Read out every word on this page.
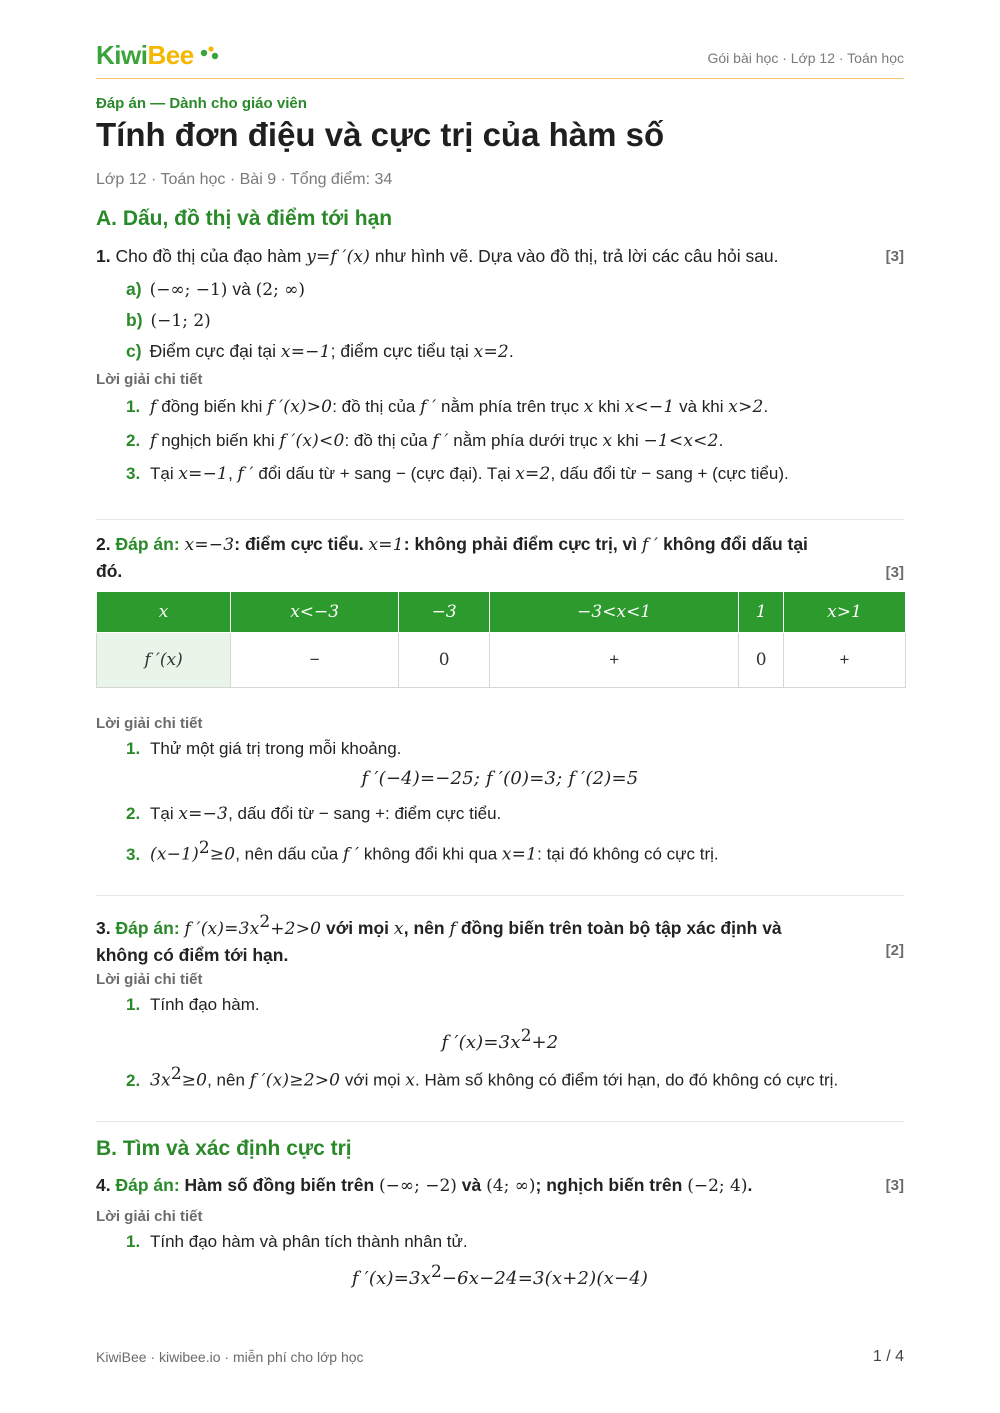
KiwiBee	Gói bài học · Lớp 12 · Toán học
Đáp án — Dành cho giáo viên
Tính đơn điệu và cực trị của hàm số
Lớp 12 · Toán học · Bài 9 · Tổng điểm: 34
A. Dấu, đồ thị và điểm tới hạn
1. Cho đồ thị của đạo hàm y=f ′(x) như hình vẽ. Dựa vào đồ thị, trả lời các câu hỏi sau.	[3]
a) (−∞; −1) và (2; ∞)
b) (−1; 2)
c) Điểm cực đại tại x=−1; điểm cực tiểu tại x=2.
Lời giải chi tiết
1. f đồng biến khi f ′(x)>0: đồ thị của f ′ nằm phía trên trục x khi x<−1 và khi x>2.
2. f nghịch biến khi f ′(x)<0: đồ thị của f ′ nằm phía dưới trục x khi −1<x<2.
3. Tại x=−1, f ′ đổi dấu từ + sang − (cực đại). Tại x=2, dấu đổi từ − sang + (cực tiểu).
2. Đáp án: x=−3: điểm cực tiểu. x=1: không phải điểm cực trị, vì f ′ không đổi dấu tại
đó.	[3]
x	x<−3	−3	−3<x<1	1	x>1
f ′(x)	−	0	+	0	+
Lời giải chi tiết
1. Thử một giá trị trong mỗi khoảng.
f ′(−4)=−25; f ′(0)=3; f ′(2)=5
2. Tại x=−3, dấu đổi từ − sang +: điểm cực tiểu.
3. $(x-1)^2\ge 0$, nên dấu của f ′ không đổi khi qua x=1: tại đó không có cực trị.
3. Đáp án: f $'(x)=3x^2+2>0$ với mọi x, nên f đồng biến trên toàn bộ tập xác định và
không có điểm tới hạn.	[2]
Lời giải chi tiết
1. Tính đạo hàm.
f $'(x)=3x^2+2$
2. $3x^2\ge 0$, nên f ′(x)≥2>0 với mọi x. Hàm số không có điểm tới hạn, do đó không có cực trị.
B. Tìm và xác định cực trị
4. Đáp án: Hàm số đồng biến trên (−∞; −2) và (4; ∞); nghịch biến trên (−2; 4).	[3]
Lời giải chi tiết
1. Tính đạo hàm và phân tích thành nhân tử.
f $'(x)=3x^2-6x-24=3(x+2)(x-4)$
KiwiBee · kiwibee.io · miễn phí cho lớp học	1 / 4
